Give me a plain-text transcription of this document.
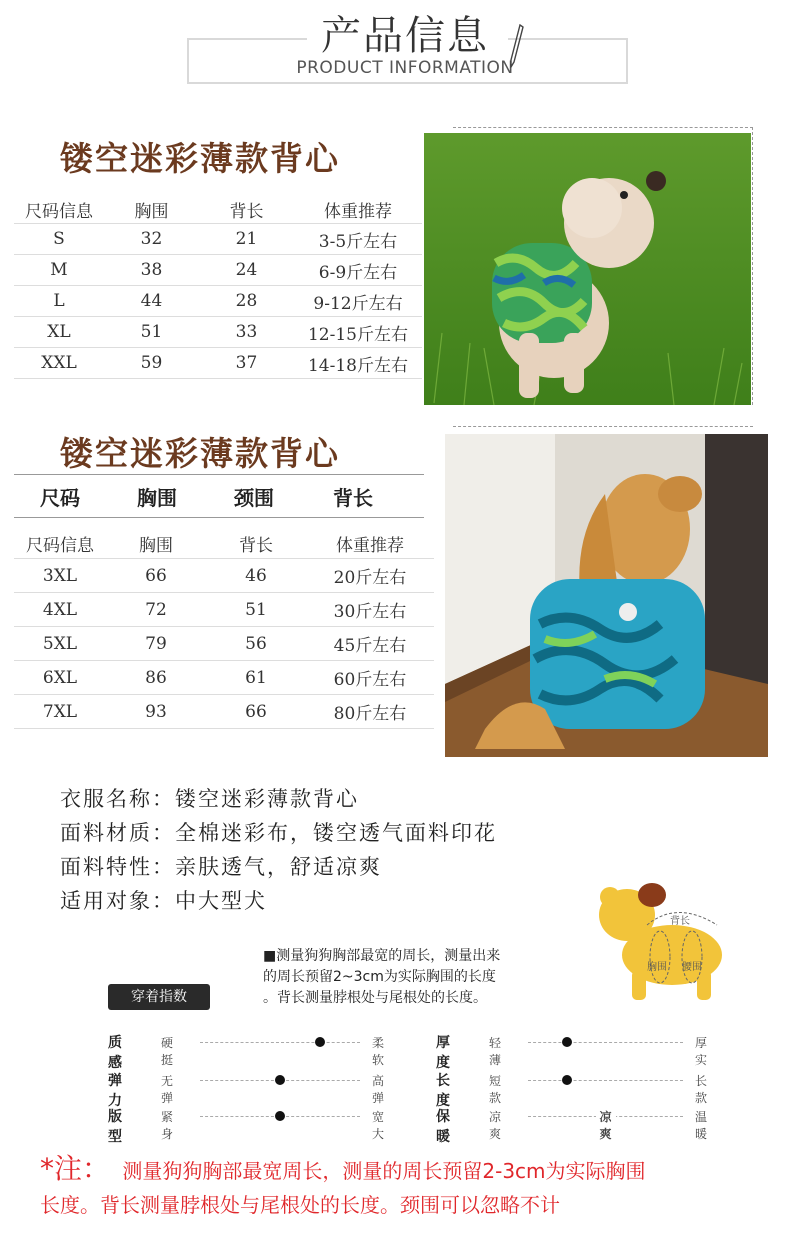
产品信息
PRODUCT INFORMATION
镂空迷彩薄款背心
尺码信息	胸围	背长	体重推荐
S	32	21	3-5斤左右
M	38	24	6-9斤左右
L	44	28	9-12斤左右
XL	51	33	12-15斤左右
XXL	59	37	14-18斤左右
镂空迷彩薄款背心
尺码	胸围	颈围	背长
尺码信息	胸围	背长	体重推荐
3XL	66	46	20斤左右
4XL	72	51	30斤左右
5XL	79	56	45斤左右
6XL	86	61	60斤左右
7XL	93	66	80斤左右
衣服名称：镂空迷彩薄款背心
面料材质：全棉迷彩布，镂空透气面料印花
面料特性：亲肤透气，舒适凉爽
适用对象：中大型犬
■测量狗狗胸部最宽的周长，测量出来
的周长预留2~3cm为实际胸围的长度
。背长测量脖根处与尾根处的长度。
背长
胸围 腰围
穿着指数
质感
硬挺
柔软
弹力
无弹
高弹
版型
紧身
宽大
厚度
轻薄
厚实
长度
短款
长款
保暖
凉爽
凉爽
温暖
*注： 测量狗狗胸部最宽周长，测量的周长预留2-3cm为实际胸围
长度。背长测量脖根处与尾根处的长度。颈围可以忽略不计
